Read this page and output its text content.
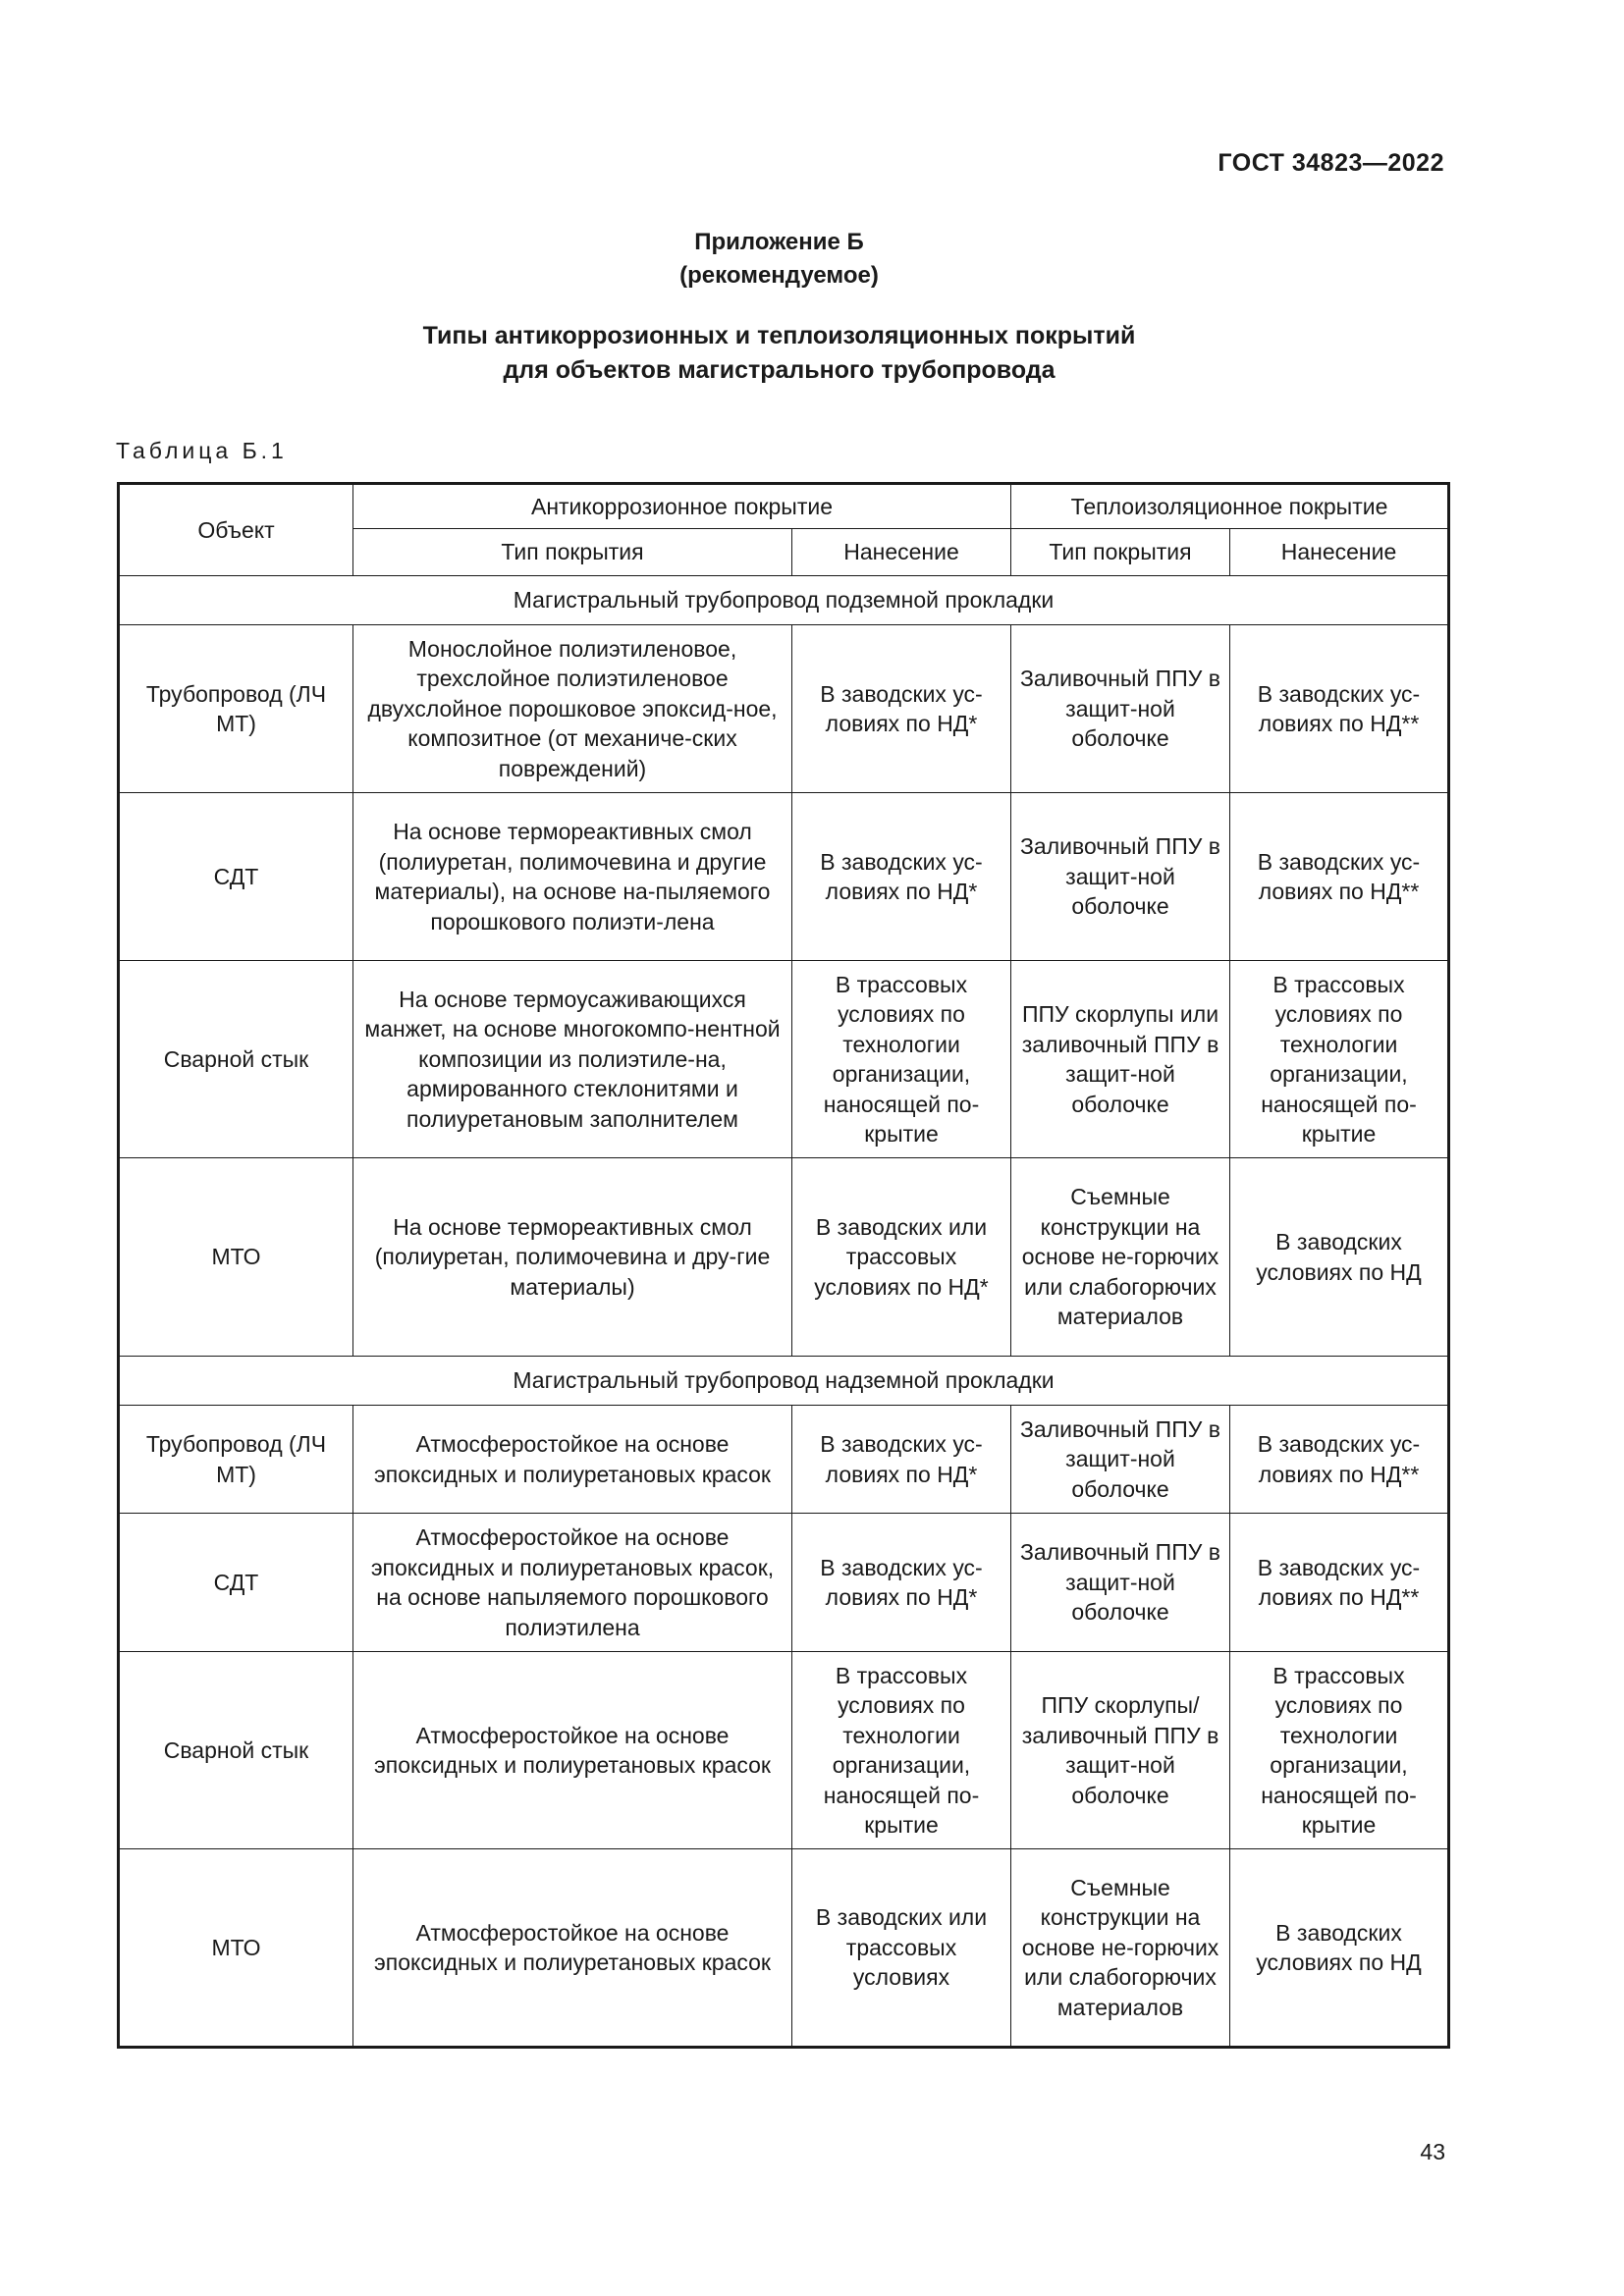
ГОСТ 34823—2022
Приложение Б
(рекомендуемое)
Типы антикоррозионных и теплоизоляционных покрытий
для объектов магистрального трубопровода
Таблица Б.1
Объект	Антикоррозионное покрытие		Теплоизоляционное покрытие	
	Тип покрытия	Нанесение	Тип покрытия	Нанесение
Магистральный трубопровод подземной прокладки				
Трубопровод (ЛЧ МТ)	Монослойное полиэтиленовое, трехслойное полиэтиленовое двухслойное порошковое эпоксид-ное, композитное (от механиче-ских повреждений)	В заводских ус-ловиях по НД*	Заливочный ППУ в защит-ной оболочке	В заводских ус-ловиях по НД**
СДТ	На основе термореактивных смол (полиуретан, полимочевина и другие материалы), на основе на-пыляемого порошкового полиэти-лена	В заводских ус-ловиях по НД*	Заливочный ППУ в защит-ной оболочке	В заводских ус-ловиях по НД**
Сварной стык	На основе термоусаживающихся манжет, на основе многокомпо-нентной композиции из полиэтиле-на, армированного стеклонитями и полиуретановым заполнителем	В трассовых условиях по технологии организации, наносящей по-крытие	ППУ скорлупы или заливочный ППУ в защит-ной оболочке	В трассовых условиях по технологии организации, наносящей по-крытие
МТО	На основе термореактивных смол (полиуретан, полимочевина и дру-гие материалы)	В заводских или трассовых условиях по НД*	Съемные конструкции на основе не-горючих или слабогорючих материалов	В заводских условиях по НД
Магистральный трубопровод надземной прокладки				
Трубопровод (ЛЧ МТ)	Атмосферостойкое на основе эпоксидных и полиуретановых красок	В заводских ус-ловиях по НД*	Заливочный ППУ в защит-ной оболочке	В заводских ус-ловиях по НД**
СДТ	Атмосферостойкое на основе эпоксидных и полиуретановых красок, на основе напыляемого порошкового полиэтилена	В заводских ус-ловиях по НД*	Заливочный ППУ в защит-ной оболочке	В заводских ус-ловиях по НД**
Сварной стык	Атмосферостойкое на основе эпоксидных и полиуретановых красок	В трассовых условиях по технологии организации, наносящей по-крытие	ППУ скорлупы/ заливочный ППУ в защит-ной оболочке	В трассовых условиях по технологии организации, наносящей по-крытие
МТО	Атмосферостойкое на основе эпоксидных и полиуретановых красок	В заводских или трассовых условиях	Съемные конструкции на основе не-горючих или слабогорючих материалов	В заводских условиях по НД
43
